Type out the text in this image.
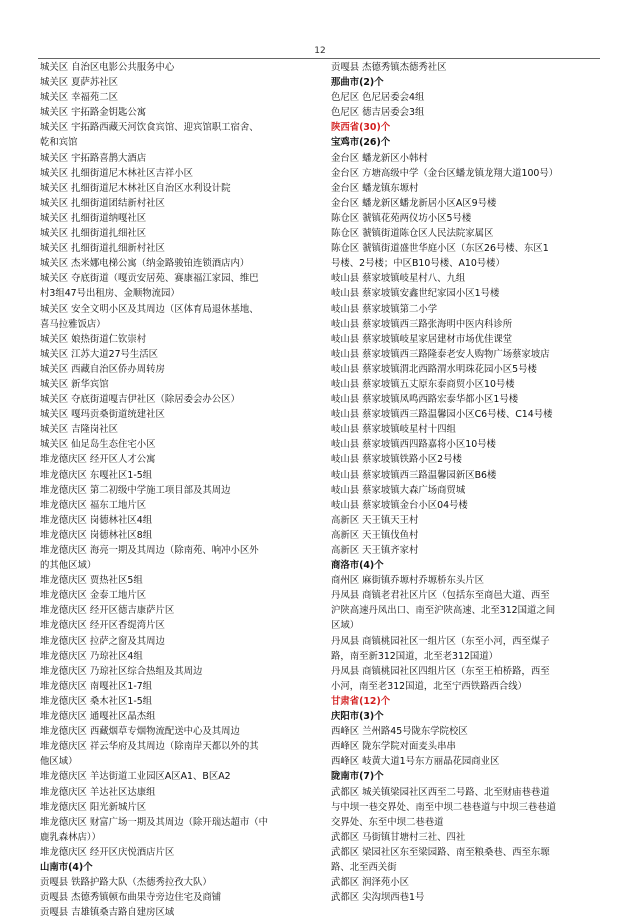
12
城关区 自治区电影公共服务中心
城关区 夏萨苏社区
城关区 幸福苑二区
城关区 宇拓路金钥匙公寓
城关区 宇拓路西藏天河饮食宾馆、迎宾馆职工宿舍、
乾和宾馆
城关区 宇拓路喜鹊大酒店
城关区 扎细街道尼木林社区吉祥小区
城关区 扎细街道尼木林社区自治区水利设计院
城关区 扎细街道团结新村社区
城关区 扎细街道纳嘎社区
城关区 扎细街道扎细社区
城关区 扎细街道扎细新村社区
城关区 杰米娜电梯公寓（纳金路骏铂连锁酒店内）
城关区 夺底街道（嘎贡安居苑、赛康福江家园、维巴
村3组47号出租房、金顺物流园）
城关区 安全文明小区及其周边（区体育局退休基地、
喜马拉雅饭店）
城关区 娘热街道仁钦崇村
城关区 江苏大道27号生活区
城关区 西藏自治区侨办周转房
城关区 新华宾馆
城关区 夺底街道嘎吉伊社区（除居委会办公区）
城关区 嘎玛贡桑街道统建社区
城关区 吉隆岗社区
城关区 仙足岛生态住宅小区
堆龙德庆区 经开区人才公寓
堆龙德庆区 东嘎社区1-5组
堆龙德庆区 第二初级中学施工项目部及其周边
堆龙德庆区 福东工地片区
堆龙德庆区 岗德林社区4组
堆龙德庆区 岗德林社区8组
堆龙德庆区 海亮一期及其周边（除南苑、响冲小区外
的其他区域）
堆龙德庆区 贾热社区5组
堆龙德庆区 金泰工地片区
堆龙德庆区 经开区德吉康萨片区
堆龙德庆区 经开区香缇湾片区
堆龙德庆区 拉萨之窗及其周边
堆龙德庆区 乃琼社区4组
堆龙德庆区 乃琼社区综合热组及其周边
堆龙德庆区 南嘎社区1-7组
堆龙德庆区 桑木社区1-5组
堆龙德庆区 通嘎社区晶杰组
堆龙德庆区 西藏烟草专烟物流配送中心及其周边
堆龙德庆区 祥云华府及其周边（除南岸天都以外的其
他区域）
堆龙德庆区 羊达街道工业园区A区A1、B区A2
堆龙德庆区 羊达社区达康组
堆龙德庆区 阳光新城片区
堆龙德庆区 财富广场一期及其周边（除开瑞达超市（中
鹿乳森林店））
堆龙德庆区 经开区庆悦酒店片区
山南市(4)个
贡嘎县 铁路护路大队（杰德秀拉孜大队）
贡嘎县 杰德秀镇顿布曲果寺旁边住宅及商铺
贡嘎县 吉雄镇桑吉路自建房区域
贡嘎县 杰德秀镇杰德秀社区
那曲市(2)个
色尼区 色尼居委会4组
色尼区 德吉居委会3组
陕西省(30)个
宝鸡市(26)个
金台区 蟠龙新区小韩村
金台区 方塘高级中学（金台区蟠龙镇龙翔大道100号）
金台区 蟠龙镇东塬村
金台区 蟠龙新区蟠龙新居小区A区9号楼
陈仓区 虢镇花苑两仪坊小区5号楼
陈仓区 虢镇街道陈仓区人民法院家属区
陈仓区 虢镇街道盛世华庭小区（东区26号楼、东区1
号楼、2号楼；中区B10号楼、A10号楼）
岐山县 蔡家坡镇岐星村八、九组
岐山县 蔡家坡镇安鑫世纪家园小区1号楼
岐山县 蔡家坡镇第二小学
岐山县 蔡家坡镇西三路张海明中医内科诊所
岐山县 蔡家坡镇岐星家居建材市场优佳课堂
岐山县 蔡家坡镇西三路隆泰老安人购物广场蔡家坡店
岐山县 蔡家坡镇渭北西路渭水明珠花园小区5号楼
岐山县 蔡家坡镇五丈原东泰商贸小区10号楼
岐山县 蔡家坡镇凤鸣西路宏泰华都小区1号楼
岐山县 蔡家坡镇西三路温馨园小区C6号楼、C14号楼
岐山县 蔡家坡镇岐星村十四组
岐山县 蔡家坡镇西四路嘉将小区10号楼
岐山县 蔡家坡镇铁路小区2号楼
岐山县 蔡家坡镇西三路温馨园新区B6楼
岐山县 蔡家坡镇大森广场商贸城
岐山县 蔡家坡镇金台小区04号楼
高新区 天王镇天王村
高新区 天王镇伐鱼村
高新区 天王镇齐家村
商洛市(4)个
商州区 麻街镇乔塬村乔塬桥东头片区
丹凤县 商镇老君社区片区（包括东至商邑大道、西至
沪陕高速丹凤出口、南至沪陕高速、北至312国道之间
区域）
丹凤县 商镇桃园社区一组片区（东至小河，西至煤子
路，南至新312国道，北至老312国道）
丹凤县 商镇桃园社区四组片区（东至王柏桥路，西至
小河，南至老312国道，北至宁西铁路西合线）
甘肃省(12)个
庆阳市(3)个
西峰区 兰州路45号陇东学院校区
西峰区 陇东学院对面麦头串串
西峰区 岐黄大道1号东方丽晶花园商业区
陇南市(7)个
武都区 城关镇梁园社区西至二号路、北至财庙巷巷道
与中坝一巷交界处、南至中坝二巷巷道与中坝三巷巷道
交界处、东至中坝二巷巷道
武都区 马街镇甘塘村三社、四社
武都区 梁园社区东至梁园路、南至粮桑巷、西至东塬
路、北至西关街
武都区 润泽苑小区
武都区 尖沟坝西巷1号
